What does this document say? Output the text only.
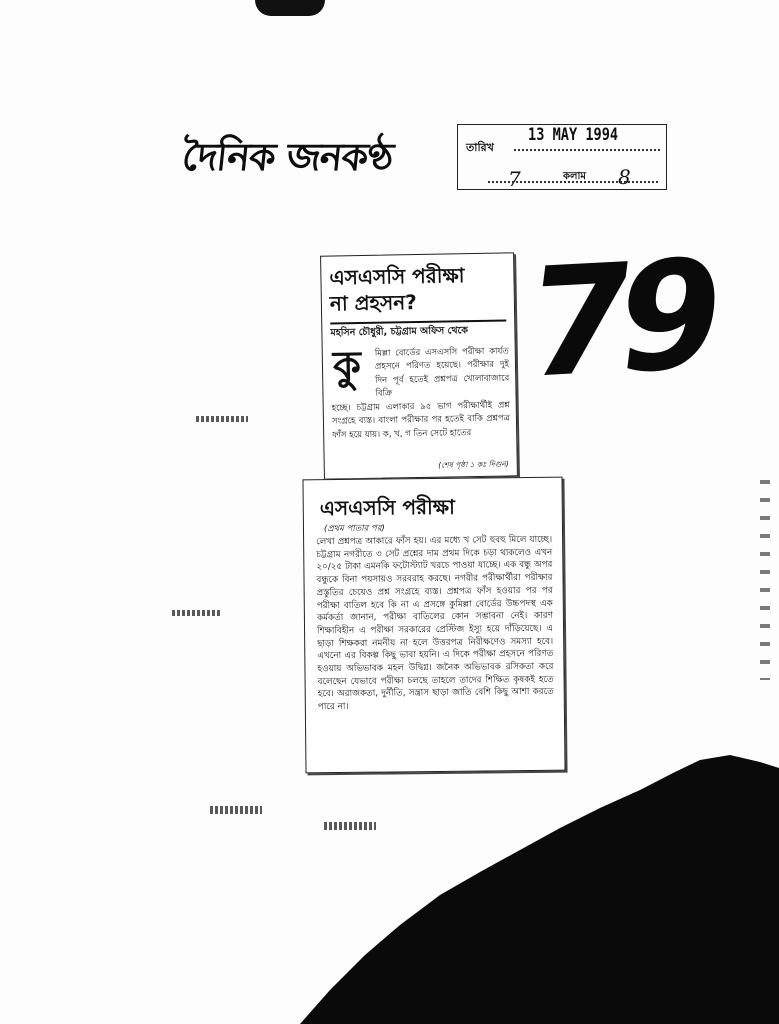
দৈনিক জনকণ্ঠ	13 MAY 1994
তারিখ
7	কলাম 8
79
এসএসসি পরীক্ষা
না প্রহসন?
মহসিন চৌধুরী, চট্টগ্রাম অফিস থেকে
কু মিল্লা বোর্ডের এসএসসি পরীক্ষা কার্যত প্রহসনে পরিণত হয়েছে। পরীক্ষার দুই দিন পূর্ব হতেই প্রশ্নপত্র খোলাবাজারে বিক্রি
হচ্ছে। চট্টগ্রাম এলাকার ৯৫ ভাগ পরীক্ষার্থীই প্রশ্ন সংগ্রহে ব্যস্ত। বাংলা পরীক্ষার পর হতেই বাকি প্রশ্নপত্র ফাঁস হয়ে যায়। ক, খ, গ তিন সেটে হাতের
(শেষ পৃষ্ঠা ১ কঃ দিগুন)
এসএসসি পরীক্ষা
(প্রথম পাতার পর)
লেখা প্রশ্নপত্র আকারে ফাঁস হয়। এর মধ্যে খ সেট হুবহু মিলে যাচ্ছে। চট্টগ্রাম নগরীতে ৩ সেট প্রশ্নের দাম প্রথম দিকে চড়া থাকলেও এখন ২০/২৫ টাকা এমনকি ফটোস্ট্যাট খরচে পাওয়া যাচ্ছে। এক বন্ধু অপর বন্ধুকে বিনা পয়সায়ও সরবরাহ করছে। নগরীর পরীক্ষার্থীরা পরীক্ষার প্রস্তুতির চেয়েও প্রশ্ন সংগ্রহে ব্যস্ত। প্রশ্নপত্র ফাঁস হওয়ার পর পর পরীক্ষা বাতিল হবে কি না এ প্রসঙ্গে কুমিল্লা বোর্ডের উচ্চপদস্থ এক কর্মকর্তা জানান, পরীক্ষা বাতিলের কোন সম্ভাবনা নেই। কারণ শিক্ষাবিহীন এ পরীক্ষা সরকারের প্রেস্টিজ ইস্যু হয়ে দাঁড়িয়েছে। এ ছাড়া শিক্ষকরা নমনীয় না হলে উত্তরপত্র নিরীক্ষণেও সমস্যা হবে। এখনো এর বিকল্প কিছু ভাবা হয়নি। এ দিকে পরীক্ষা প্রহসনে পরিণত হওয়ায় অভিভাবক মহল উদ্বিগ্ন। জনৈক অভিভাবক রসিকতা করে বলেছেন যেভাবে পরীক্ষা চলছে তাহলে তাদের শিক্ষিত কৃষকই হতে হবে। অরাজকতা, দুর্নীতি, সন্ত্রাস ছাড়া জাতি বেশি কিছু আশা করতে পারে না।
